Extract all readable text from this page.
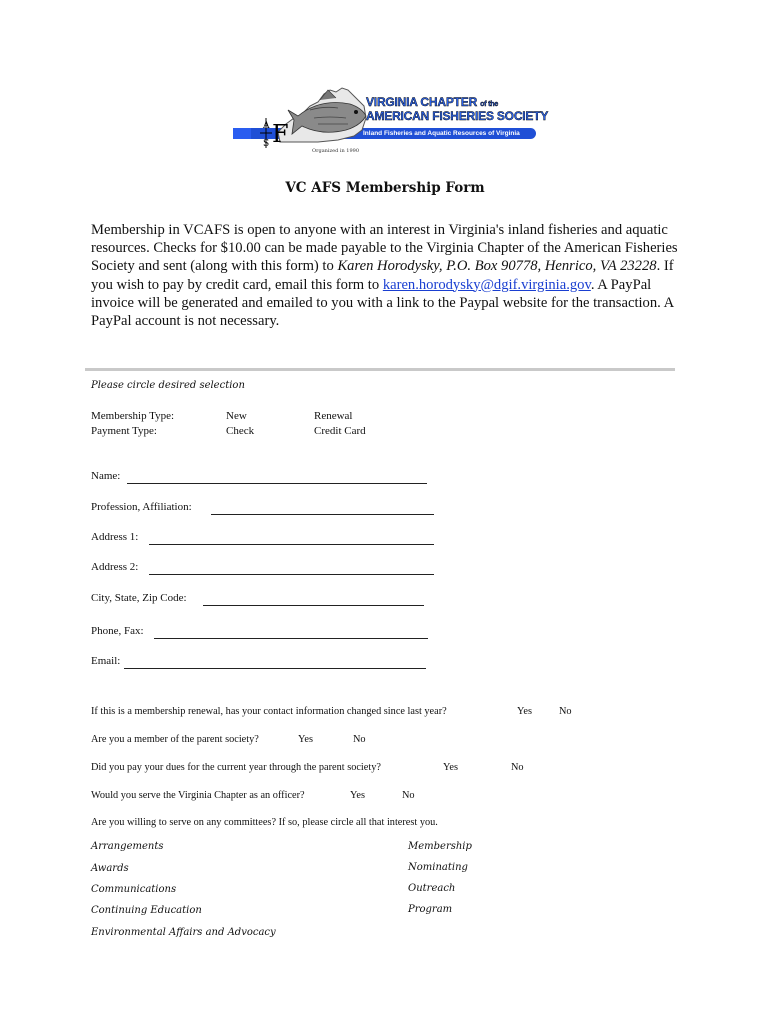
Inland Fisheries and Aquatic Resources of Virginia
VIRGINIA CHAPTER of the
AMERICAN FISHERIES SOCIETY
A F
S
Organized in 1990
VC AFS Membership Form
Membership in VCAFS is open to anyone with an interest in Virginia's inland fisheries and aquatic resources. Checks for $10.00 can be made payable to the Virginia Chapter of the American Fisheries Society and sent (along with this form) to Karen Horodysky, P.O. Box 90778, Henrico, VA 23228. If you wish to pay by credit card, email this form to karen.horodysky@dgif.virginia.gov. A PayPal invoice will be generated and emailed to you with a link to the Paypal website for the transaction. A PayPal account is not necessary.
Please circle desired selection
Membership Type:	New	Renewal
Payment Type:	Check	Credit Card
Name:
Profession, Affiliation:
Address 1:
Address 2:
City, State, Zip Code:
Phone, Fax:
Email:
If this is a membership renewal, has your contact information changed since last year?	Yes	No
Are you a member of the parent society?	Yes	No
Did you pay your dues for the current year through the parent society?	Yes	No
Would you serve the Virginia Chapter as an officer?	Yes	No
Are you willing to serve on any committees? If so, please circle all that interest you.
Arrangements
Awards
Communications
Continuing Education
Environmental Affairs and Advocacy
Membership
Nominating
Outreach
Program
